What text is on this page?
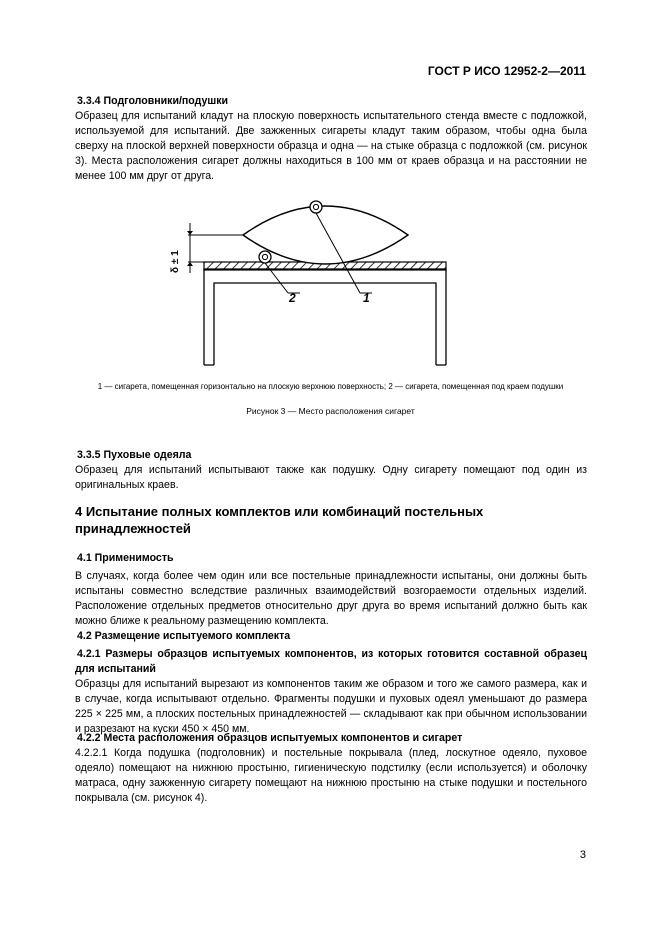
ГОСТ Р ИСО 12952-2—2011
3.3.4 Подголовники/подушки
Образец для испытаний кладут на плоскую поверхность испытательного стенда вместе с подложкой, используемой для испытаний. Две зажженных сигареты кладут таким образом, чтобы одна была сверху на плоской верхней поверхности образца и одна — на стыке образца с подложкой (см. рисунок 3). Места расположения сигарет должны находиться в 100 мм от краев образца и на расстоянии не менее 100 мм друг от друга.
δ ± 1
1
2
1 — сигарета, помещенная горизонтально на плоскую верхнюю поверхность; 2 — сигарета, помещенная под краем подушки
Рисунок 3 — Место расположения сигарет
3.3.5 Пуховые одеяла
Образец для испытаний испытывают также как подушку. Одну сигарету помещают под один из оригинальных краев.
4 Испытание полных комплектов или комбинаций постельных принадлежностей
4.1 Применимость
В случаях, когда более чем один или все постельные принадлежности испытаны, они должны быть испытаны совместно вследствие различных взаимодействий возгораемости отдельных изделий. Расположение отдельных предметов относительно друг друга во время испытаний должно быть как можно ближе к реальному размещению комплекта.
4.2 Размещение испытуемого комплекта
4.2.1 Размеры образцов испытуемых компонентов, из которых готовится составной образец для испытаний
Образцы для испытаний вырезают из компонентов таким же образом и того же самого размера, как и в случае, когда испытывают отдельно. Фрагменты подушки и пуховых одеял уменьшают до размера 225 × 225 мм, а плоских постельных принадлежностей — складывают как при обычном использовании и разрезают на куски 450 × 450 мм.
4.2.2 Места расположения образцов испытуемых компонентов и сигарет
4.2.2.1 Когда подушка (подголовник) и постельные покрывала (плед, лоскутное одеяло, пуховое одеяло) помещают на нижнюю простыню, гигиеническую подстилку (если используется) и оболочку матраса, одну зажженную сигарету помещают на нижнюю простыню на стыке подушки и постельного покрывала (см. рисунок 4).
3
